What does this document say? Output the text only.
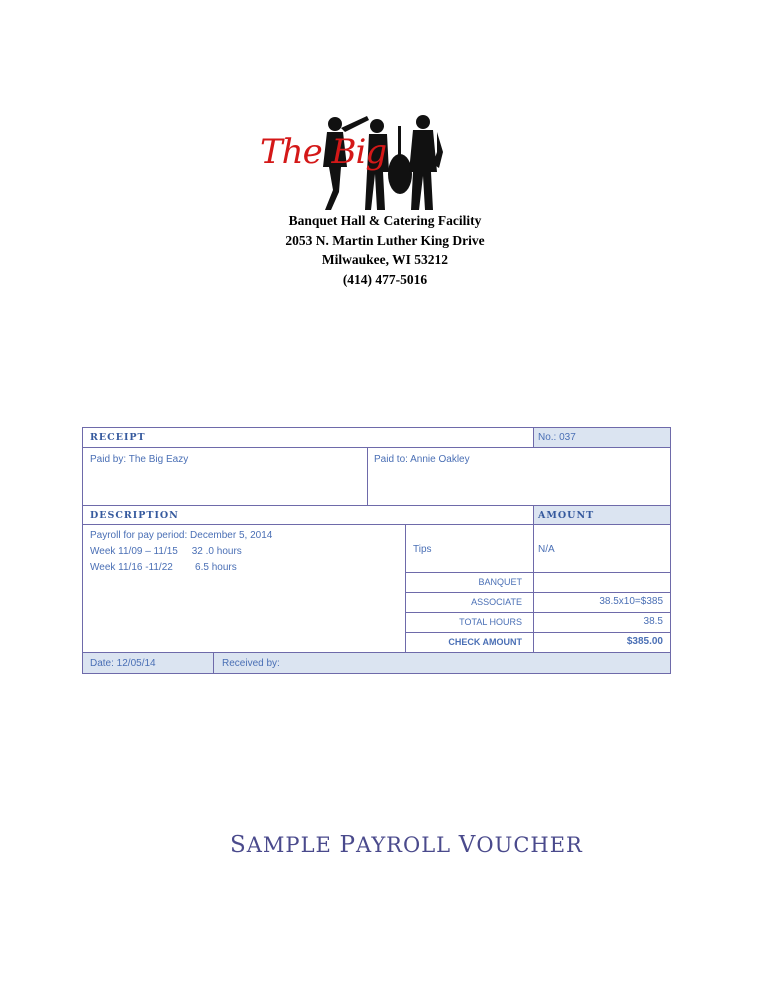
The Big
Banquet Hall & Catering Facility
2053 N. Martin Luther King Drive
Milwaukee, WI 53212
(414) 477-5016
RECEIPT	No.: 037
Paid by: The Big Eazy	Paid to: Annie Oakley
DESCRIPTION	AMOUNT
Payroll for pay period: December 5, 2014
Week 11/09 – 11/15     32 .0 hours
Week 11/16 -11/22        6.5 hours
Tips	N/A
BANQUET
ASSOCIATE	38.5x10=$385
TOTAL HOURS	38.5
CHECK AMOUNT	$385.00
Date: 12/05/14	Received by:
SAMPLE PAYROLL VOUCHER
